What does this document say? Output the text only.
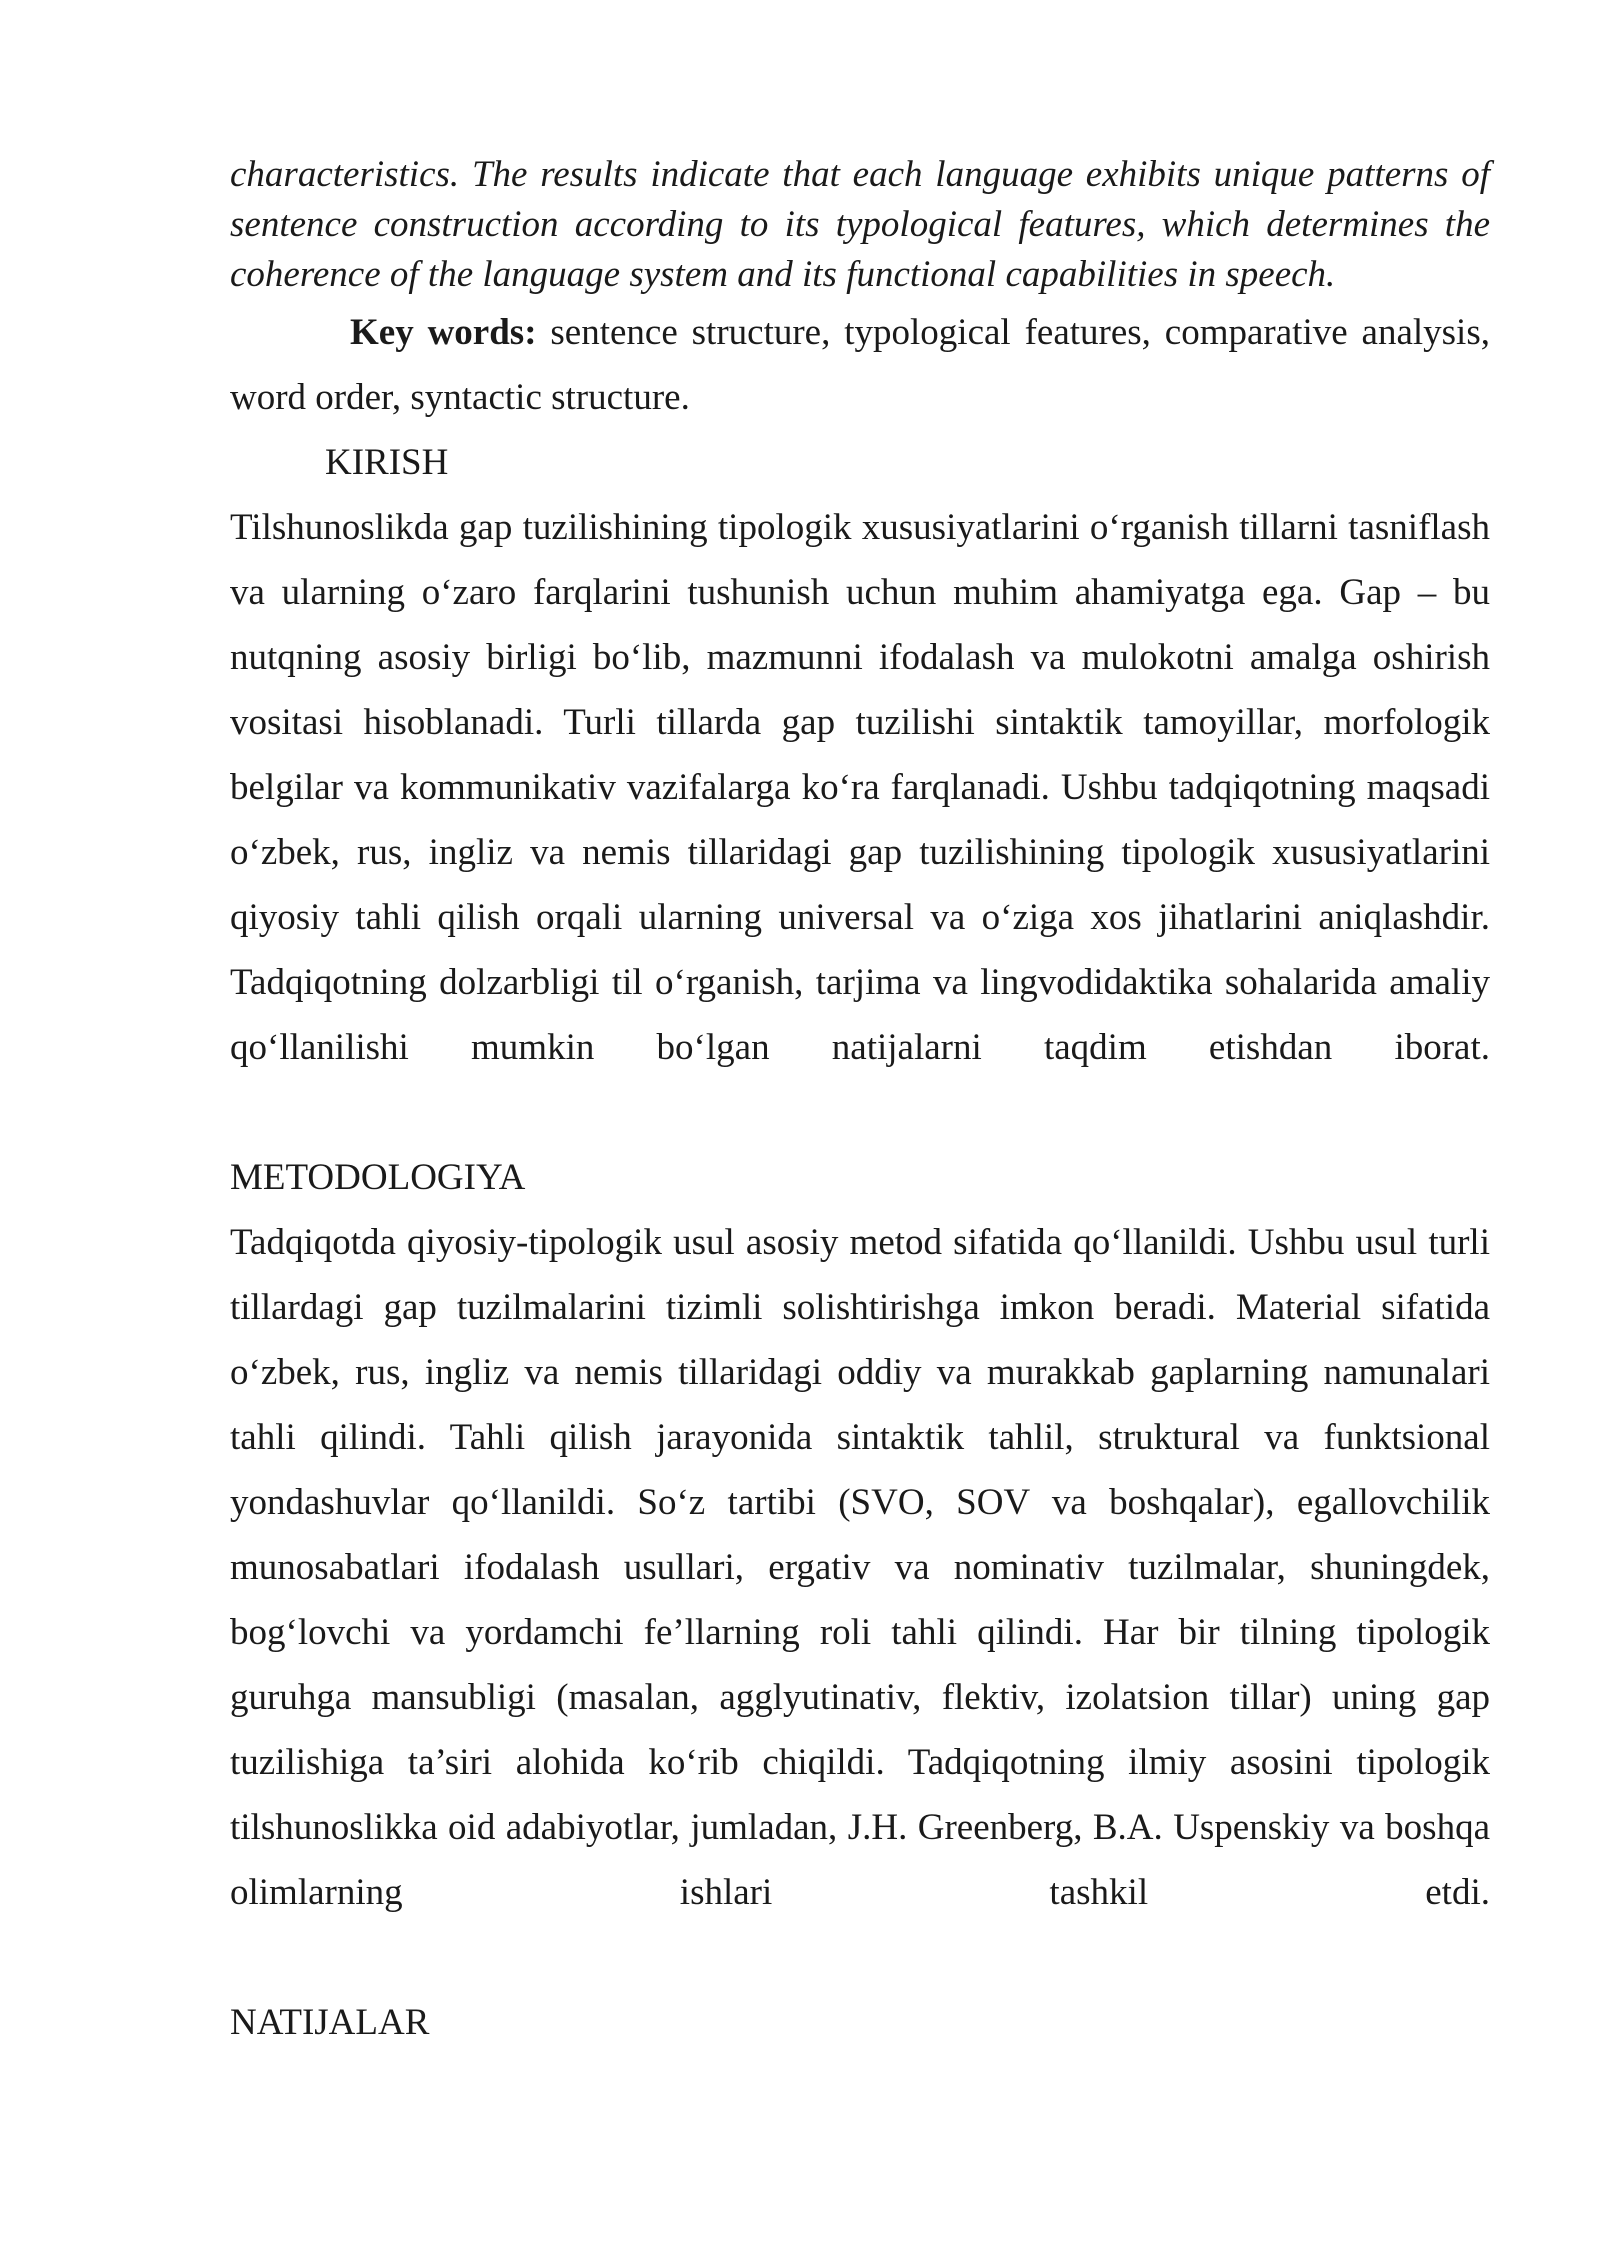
characteristics. The results indicate that each language exhibits unique patterns of sentence construction according to its typological features, which determines the coherence of the language system and its functional capabilities in speech.

Key words: sentence structure, typological features, comparative analysis, word order, syntactic structure.

KIRISH

Tilshunoslikda gap tuzilishining tipologik xususiyatlarini o‘rganish tillarni tasniflash va ularning o‘zaro farqlarini tushunish uchun muhim ahamiyatga ega. Gap – bu nutqning asosiy birligi bo‘lib, mazmunni ifodalash va mulokotni amalga oshirish vositasi hisoblanadi. Turli tillarda gap tuzilishi sintaktik tamoyillar, morfologik belgilar va kommunikativ vazifalarga ko‘ra farqlanadi. Ushbu tadqiqotning maqsadi o‘zbek, rus, ingliz va nemis tillaridagi gap tuzilishining tipologik xususiyatlarini qiyosiy tahli qilish orqali ularning universal va o‘ziga xos jihatlarini aniqlashdir. Tadqiqotning dolzarbligi til o‘rganish, tarjima va lingvodidaktika sohalarida amaliy qo‘llanilishi mumkin bo‘lgan natijalarni taqdim etishdan iborat.

METODOLOGIYA

Tadqiqotda qiyosiy-tipologik usul asosiy metod sifatida qo‘llanildi. Ushbu usul turli tillardagi gap tuzilmalarini tizimli solishtirishga imkon beradi. Material sifatida o‘zbek, rus, ingliz va nemis tillaridagi oddiy va murakkab gaplarning namunalari tahli qilindi. Tahli qilish jarayonida sintaktik tahlil, struktural va funktsional yondashuvlar qo‘llanildi. So‘z tartibi (SVO, SOV va boshqalar), egallovchilik munosabatlari ifodalash usullari, ergativ va nominativ tuzilmalar, shuningdek, bog‘lovchi va yordamchi fe’llarning roli tahli qilindi. Har bir tilning tipologik guruhga mansubligi (masalan, agglyutinativ, flektiv, izolatsion tillar) uning gap tuzilishiga ta’siri alohida ko‘rib chiqildi. Tadqiqotning ilmiy asosini tipologik tilshunoslikka oid adabiyotlar, jumladan, J.H. Greenberg, B.A. Uspenskiy va boshqa olimlarning ishlari tashkil etdi.

NATIJALAR
